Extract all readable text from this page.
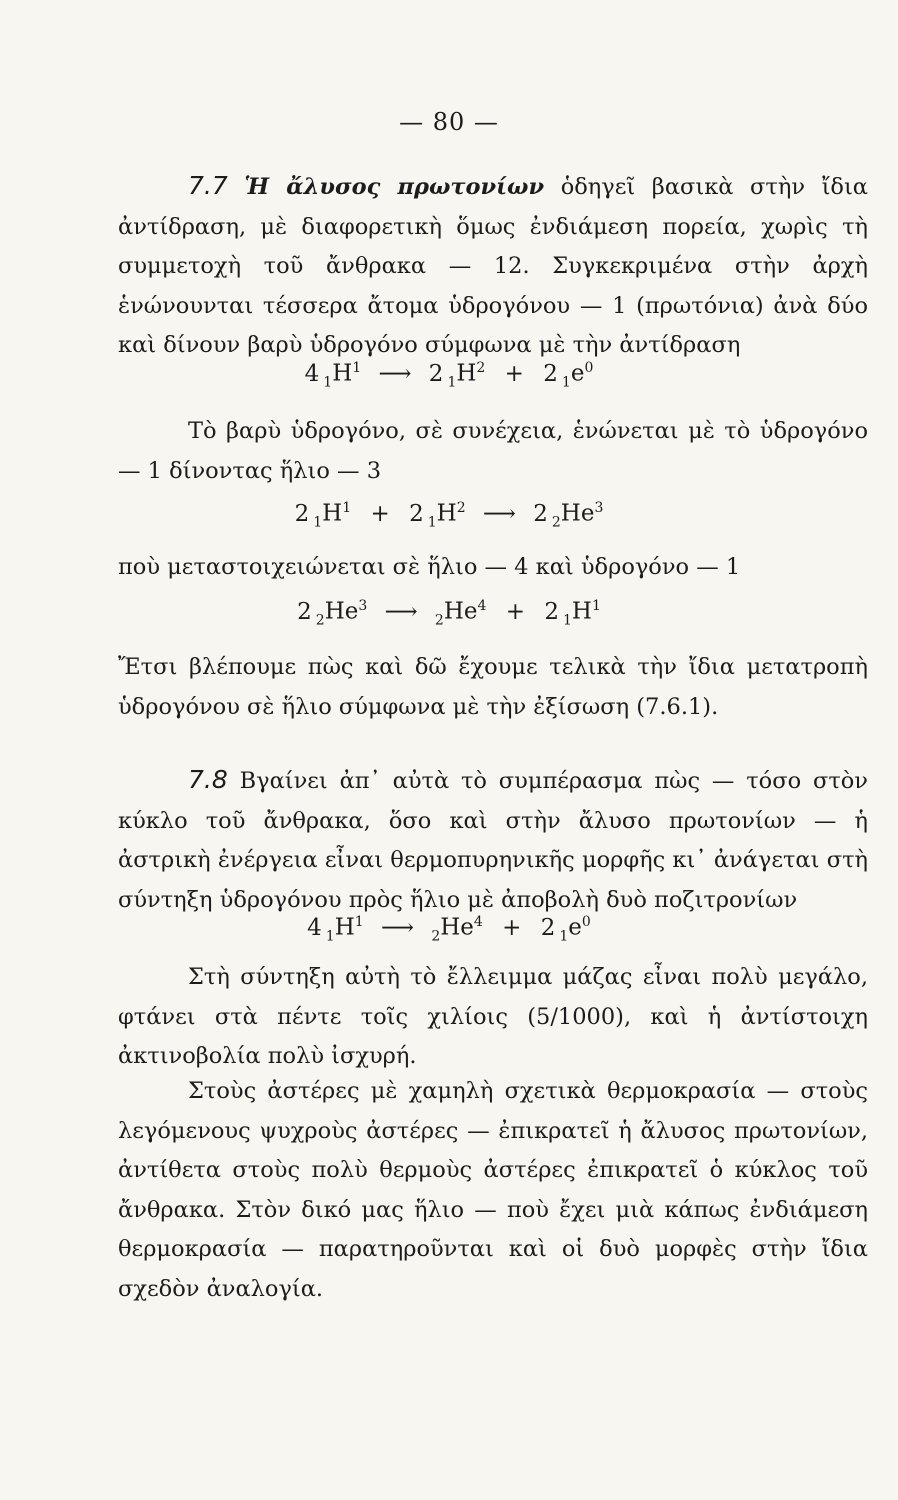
— 80 —
7.7 Ἡ ἄλυσος πρωτονίων ὁδηγεῖ βασικὰ στὴν ἴδια ἀντίδραση, μὲ διαφορετικὴ ὅμως ἐνδιάμεση πορεία, χωρὶς τὴ συμμετοχὴ τοῦ ἄνθρακα — 12. Συγκεκριμένα στὴν ἀρχὴ ἑνώνουνται τέσσερα ἄτομα ὑδρογόνου — 1 (πρωτόνια) ἀνὰ δύο καὶ δίνουν βαρὺ ὑδρογόνο σύμφωνα μὲ τὴν ἀντίδραση
4 $_1H^1$ ⟶ 2 $_1H^2 + 2$ $_1e^0$
Τὸ βαρὺ ὑδρογόνο, σὲ συνέχεια, ἑνώνεται μὲ τὸ ὑδρογόνο — 1 δίνοντας ἥλιο — 3
2 $_1H^1 + 2$ $_1H^2$ ⟶ 2 $_2He^3$
ποὺ μεταστοιχειώνεται σὲ ἥλιο — 4 καὶ ὑδρογόνο — 1
2 $_2He^3$ ⟶ $_2He^4 + 2$ $_1H^1$
Ἔτσι βλέπουμε πὼς καὶ δῶ ἔχουμε τελικὰ τὴν ἴδια μετατροπὴ ὑδρογόνου σὲ ἥλιο σύμφωνα μὲ τὴν ἐξίσωση (7.6.1).
7.8 Βγαίνει ἀπ᾽ αὐτὰ τὸ συμπέρασμα πὼς — τόσο στὸν κύκλο τοῦ ἄνθρακα, ὅσο καὶ στὴν ἄλυσο πρωτονίων — ἡ ἀστρικὴ ἐνέργεια εἶναι θερμοπυρηνικῆς μορφῆς κι᾽ ἀνάγεται στὴ σύντηξη ὑδρογόνου πρὸς ἥλιο μὲ ἀποβολὴ δυὸ ποζιτρονίων
4 $_1H^1$ ⟶ $_2He^4 + 2$ $_1e^0$
Στὴ σύντηξη αὐτὴ τὸ ἔλλειμμα μάζας εἶναι πολὺ μεγάλο, φτάνει στὰ πέντε τοῖς χιλίοις (5/1000), καὶ ἡ ἀντίστοιχη ἀκτινοβολία πολὺ ἰσχυρή.
Στοὺς ἀστέρες μὲ χαμηλὴ σχετικὰ θερμοκρασία — στοὺς λεγόμενους ψυχροὺς ἀστέρες — ἐπικρατεῖ ἡ ἄλυσος πρωτονίων, ἀντίθετα στοὺς πολὺ θερμοὺς ἀστέρες ἐπικρατεῖ ὁ κύκλος τοῦ ἄνθρακα. Στὸν δικό μας ἥλιο — ποὺ ἔχει μιὰ κάπως ἐνδιάμεση θερμοκρασία — παρατηροῦνται καὶ οἱ δυὸ μορφὲς στὴν ἴδια σχεδὸν ἀναλογία.
